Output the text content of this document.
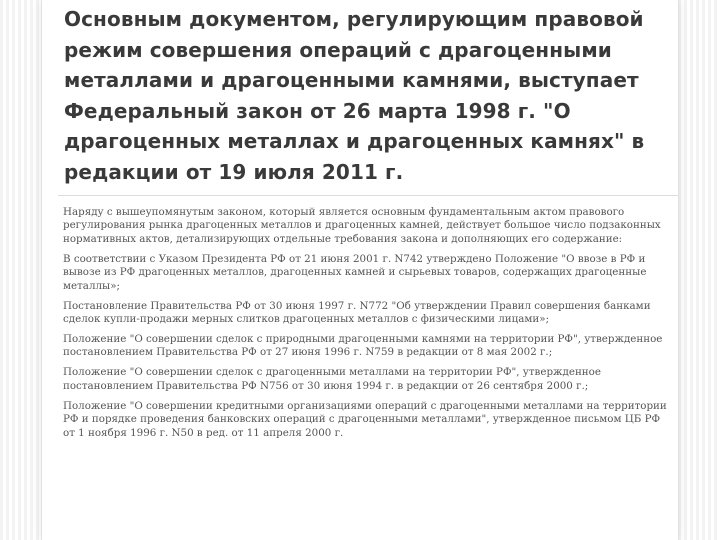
Основным документом, регулирующим правовой режим совершения операций с драгоценными металлами и драгоценными камнями, выступает Федеральный закон от 26 марта 1998 г. "О драгоценных металлах и драгоценных камнях" в редакции от 19 июля 2011 г.

Наряду с вышеупомянутым законом, который является основным фундаментальным актом правового регулирования рынка драгоценных металлов и драгоценных камней, действует большое число подзаконных нормативных актов, детализирующих отдельные требования закона и дополняющих его содержание:

В соответствии с Указом Президента РФ от 21 июня 2001 г. N742 утверждено Положение "О ввозе в РФ и вывозе из РФ драгоценных металлов, драгоценных камней и сырьевых товаров, содержащих драгоценные металлы»;

Постановление Правительства РФ от 30 июня 1997 г. N772 "Об утверждении Правил совершения банками сделок купли-продажи мерных слитков драгоценных металлов с физическими лицами»;

Положение "О совершении сделок с природными драгоценными камнями на территории РФ", утвержденное постановлением Правительства РФ от 27 июня 1996 г. N759 в редакции от 8 мая 2002 г.;

Положение "О совершении сделок с драгоценными металлами на территории РФ", утвержденное постановлением Правительства РФ N756 от 30 июня 1994 г. в редакции от 26 сентября 2000 г.;

Положение "О совершении кредитными организациями операций с драгоценными металлами на территории РФ и порядке проведения банковских операций с драгоценными металлами", утвержденное письмом ЦБ РФ от 1 ноября 1996 г. N50 в ред. от 11 апреля 2000 г.
